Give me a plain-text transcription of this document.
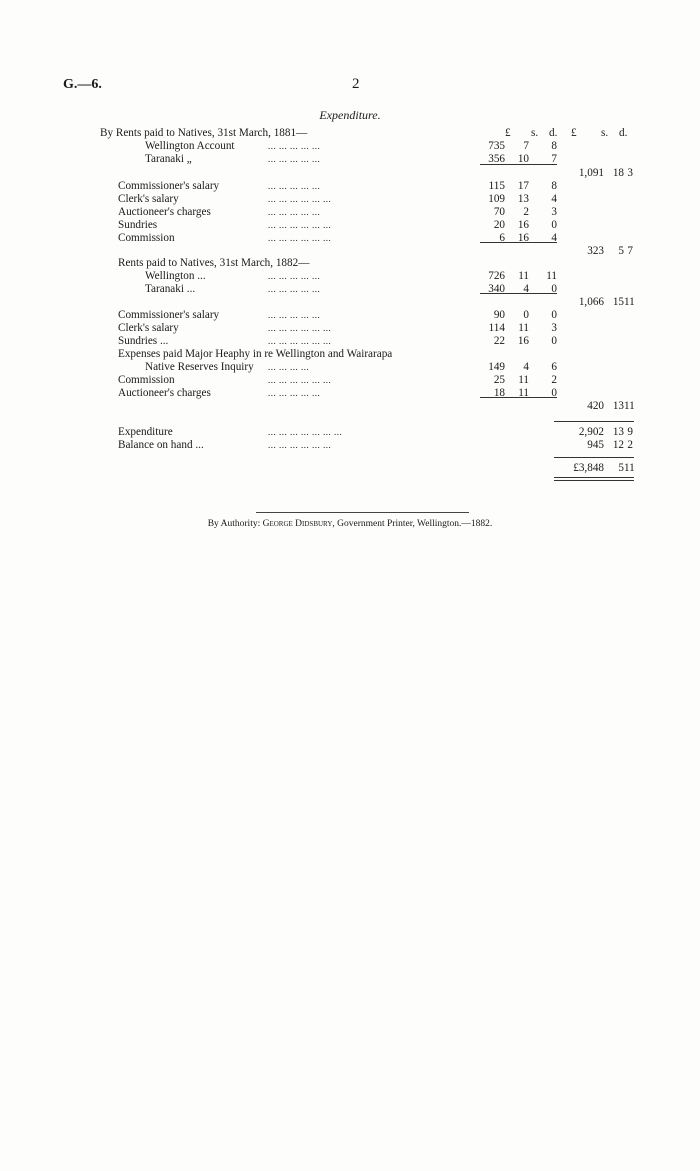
G.—6.	2
Expenditure.
£ s. d. £ s. d.
By Rents paid to Natives, 31st March, 1881—
Wellington Account	... ... ... ... ...	735	7	8
Taranaki „	... ... ... ... ...	356	10	7
1,091 18 3
Commissioner's salary	... ... ... ... ...	115	17	8
Clerk's salary	... ... ... ... ... ...	109	13	4
Auctioneer's charges	... ... ... ... ...	70	2	3
Sundries	... ... ... ... ... ...	20	16	0
Commission	... ... ... ... ... ...	6	16	4
323	5 7
Rents paid to Natives, 31st March, 1882—
Wellington ...	... ... ... ... ...	726	11	11
Taranaki ...	... ... ... ... ...	340	4	0
1,066 15 11
Commissioner's salary	... ... ... ... ...	90	0	0
Clerk's salary	... ... ... ... ... ...	114	11	3
Sundries ...	... ... ... ... ... ...	22	16	0
Expenses paid Major Heaphy in re Wellington and Wairarapa
Native Reserves Inquiry ... ... ... ...	149	4	6
Commission	... ... ... ... ... ...	25	11	2
Auctioneer's charges	... ... ... ... ...	18	11	0
420 13 11
Expenditure	... ... ... ... ... ... ...	2,902 13 9
Balance on hand ...	... ... ... ... ... ...	945 12 2
£3,848	5 11
By Authority: George Didsbury, Government Printer, Wellington.—1882.
